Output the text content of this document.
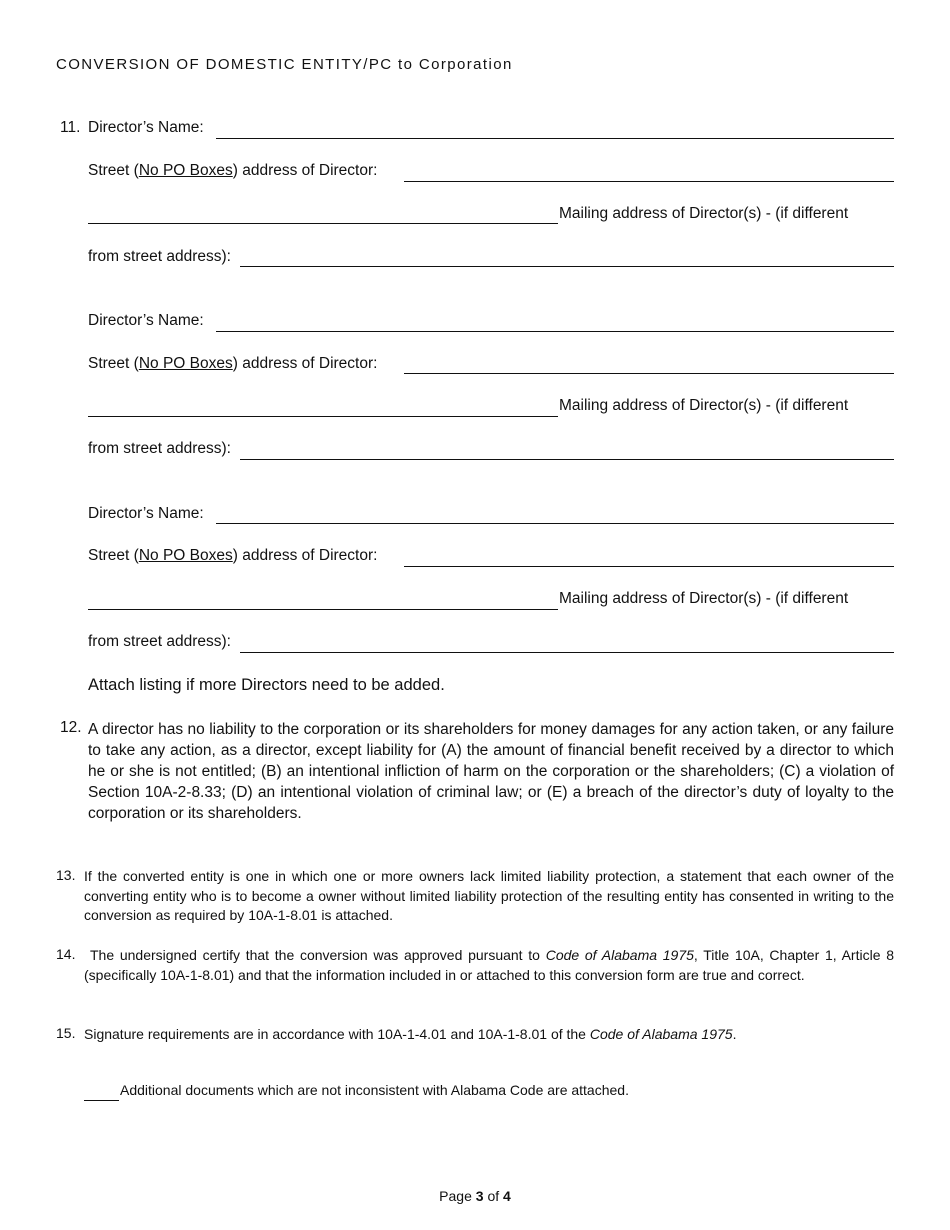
CONVERSION OF DOMESTIC ENTITY/PC to Corporation
11. Director’s Name:
Street (No PO Boxes) address of Director:
Mailing address of Director(s) - (if different
from street address):
Director’s Name:
Street (No PO Boxes) address of Director:
Mailing address of Director(s) - (if different
from street address):
Director’s Name:
Street (No PO Boxes) address of Director:
Mailing address of Director(s) - (if different
from street address):
Attach listing if more Directors need to be added.
12. A director has no liability to the corporation or its shareholders for money damages for any action taken, or any failure to take any action, as a director, except liability for (A) the amount of financial benefit received by a director to which he or she is not entitled; (B) an intentional infliction of harm on the corporation or the shareholders; (C) a violation of Section 10A-2-8.33; (D) an intentional violation of criminal law; or (E) a breach of the director’s duty of loyalty to the corporation or its shareholders.
13. If the converted entity is one in which one or more owners lack limited liability protection, a statement that each owner of the converting entity who is to become a owner without limited liability protection of the resulting entity has consented in writing to the conversion as required by 10A-1-8.01 is attached.
14.	The undersigned certify that the conversion was approved pursuant to Code of Alabama 1975, Title 10A, Chapter 1, Article 8 (specifically 10A-1-8.01) and that the information included in or attached to this conversion form are true and correct.
15. Signature requirements are in accordance with 10A-1-4.01 and 10A-1-8.01 of the Code of Alabama 1975.
Additional documents which are not inconsistent with Alabama Code are attached.
Page 3 of 4
